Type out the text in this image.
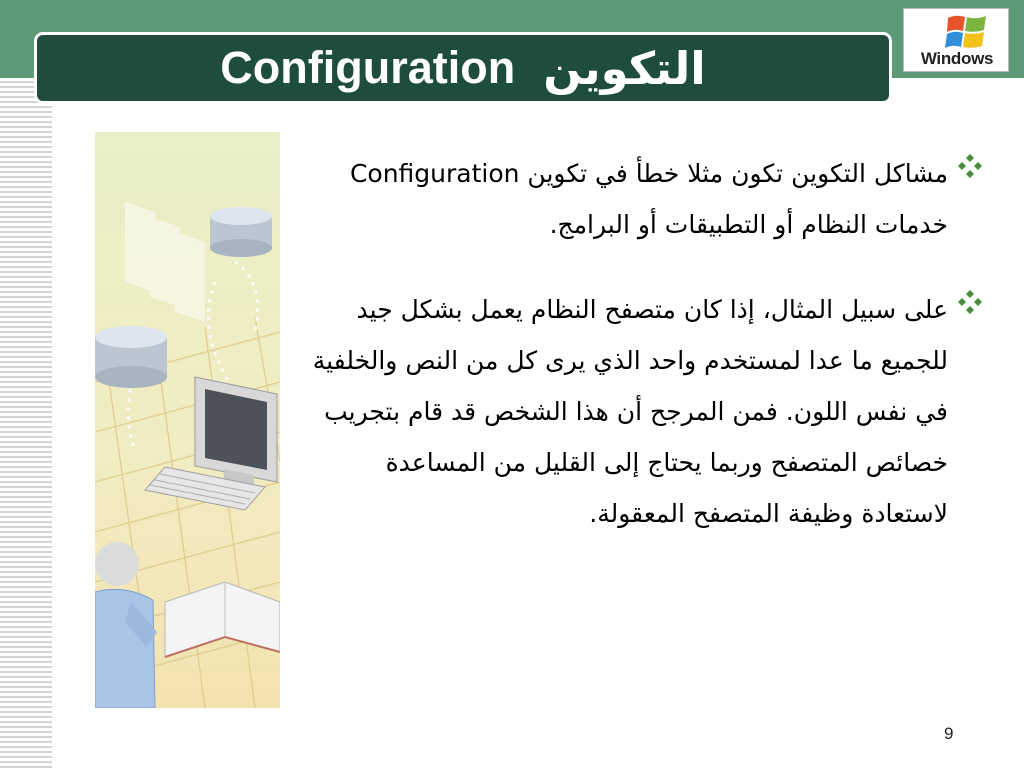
Configuration التكوين	Windows
مشاكل التكوين تكون مثلا خطأ في تكوين Configuration خدمات النظام أو التطبيقات أو البرامج.
على سبيل المثال، إذا كان متصفح النظام يعمل بشكل جيد للجميع ما عدا لمستخدم واحد الذي يرى كل من النص والخلفية في نفس اللون. فمن المرجح أن هذا الشخص قد قام بتجريب خصائص المتصفح وربما يحتاج إلى القليل من المساعدة لاستعادة وظيفة المتصفح المعقولة.
9
